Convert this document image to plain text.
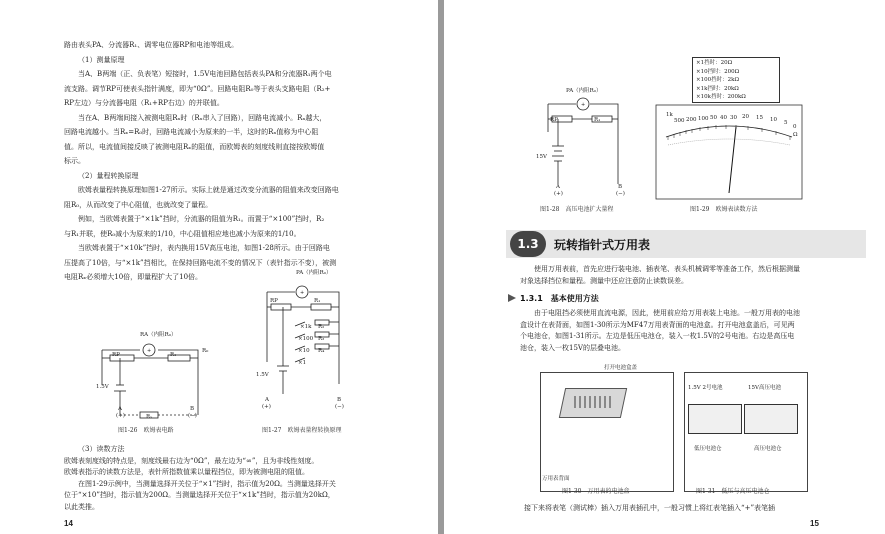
路由表头PA、分流器R₁、调零电位器RP和电池等组成。
（1）测量原理
当A、B两端（正、负表笔）短接时，1.5V电池回路包括表头PA和分流器R₁两个电
流支路。调节RP可使表头指针满度，即为“0Ω”。回路电阻R₀等于表头支路电阻（R₂+
RP左边）与分流器电阻（R₁+RP右边）的并联值。
当在A、B两端间接入被测电阻Rₓ时（Rₓ串入了回路），回路电流减小。Rₓ越大，
回路电流越小。当Rₓ=R₀时，回路电流减小为原来的一半，这时的Rₓ值称为中心阻
值。所以，电流值间接反映了被测电阻Rₓ的阻值，而欧姆表的刻度线则直接按欧姆值
标示。
（2）量程转换原理
欧姆表量程转换原理如图1-27所示。实际上就是通过改变分流器的阻值来改变回路电
阻R₀，从而改变了中心阻值，也就改变了量程。
例如，当欧姆表置于“×1k”挡时，分流器的阻值为R₁。而置于“×100”挡时，R₂
与R₁并联，使R₀减小为原来的1/10，中心阻值相应地也减小为原来的1/10。
当欧姆表置于“×10k”挡时，表内换用15V高压电池，如图1-28所示。由于回路电
压提高了10倍，与“×1k”挡相比，在保持回路电流不变的情况下（表针指示不变），被测
电阻Rₓ必须增大10倍，即量程扩大了10倍。
RA（内阻R₀）
+
RP	R₁
R₀
1.5V
A
(+)	Rₓ
B
(−)
图1-26　欧姆表电路
PA（内阻R₀）
+
RP	R₁
×1k R₂
×100 R₃
×10 R₄
×1
1.5V
A
(+)
B
(−)
图1-27　欧姆表量程转换原理
（3）读数方法
欧姆表刻度线的特点是，刻度线最右边为“0Ω”，最左边为“∞”，且为非线性刻度。
欧姆表指示的读数方法是，表针所指数值乘以量程挡位，即为被测电阻的阻值。
在图1-29示例中，当测量选择开关位于“×1”挡时，指示值为20Ω。当测量选择开关
位于“×10”挡时，指示值为200Ω。当测量选择开关位于“×1k”挡时，指示值为20kΩ，
以此类推。
14
PA（内阻R₀）
+
RP	R₁
15V
A
(+)
B
(−)
图1-28　高压电池扩大量程
×1挡时：20Ω
×10挡时：200Ω
×100挡时：2kΩ
×1k挡时：20kΩ
×10k挡时：200kΩ
1k
500 200 100 50 40 30 20 15 10 5
0
Ω
图1-29　欧姆表读数方法
1.3	玩转指针式万用表
使用万用表前，首先应进行装电池、插表笔、表头机械调零等准备工作，然后根据测量
对象选择挡位和量程。测量中还应注意防止读数误差。
1.3.1　基本使用方法
由于电阻挡必须使用直流电源，因此，使用前应给万用表装上电池。一般万用表的电池
盒设计在表背面，如图1-30所示为MF47万用表背面的电池盒。打开电池盒盖后，可见两
个电池仓，如图1-31所示。左边是低压电池仓，装入一枚1.5V的2号电池。右边是高压电
池仓，装入一枚15V的层叠电池。
打开电池盒盖
万用表背面
图1-30　万用表的电池盒
1.5V 2号电池	15V高压电池
低压电池仓	高压电池仓
图1-31　低压与高压电池仓
接下来将表笔（测试棒）插入万用表插孔中，一般习惯上将红表笔插入“+”表笔插
15
